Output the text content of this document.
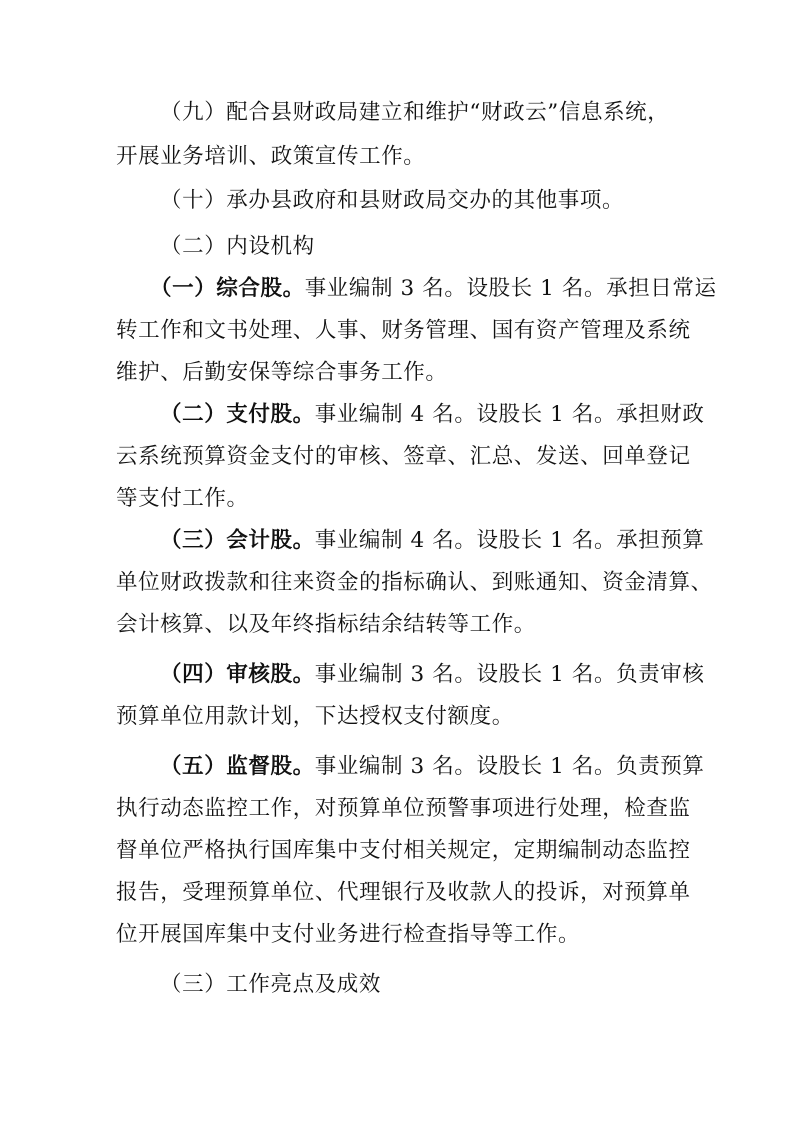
（九）配合县财政局建立和维护“财政云”信息系统，
开展业务培训、政策宣传工作。
（十）承办县政府和县财政局交办的其他事项。
（二）内设机构
（一）综合股。事业编制 3 名。设股长 1 名。承担日常运
转工作和文书处理、人事、财务管理、国有资产管理及系统
维护、后勤安保等综合事务工作。
（二）支付股。事业编制 4 名。设股长 1 名。承担财政
云系统预算资金支付的审核、签章、汇总、发送、回单登记
等支付工作。
（三）会计股。事业编制 4 名。设股长 1 名。承担预算
单位财政拨款和往来资金的指标确认、到账通知、资金清算、
会计核算、以及年终指标结余结转等工作。
（四）审核股。事业编制 3 名。设股长 1 名。负责审核
预算单位用款计划，下达授权支付额度。
（五）监督股。事业编制 3 名。设股长 1 名。负责预算
执行动态监控工作，对预算单位预警事项进行处理，检查监
督单位严格执行国库集中支付相关规定，定期编制动态监控
报告，受理预算单位、代理银行及收款人的投诉，对预算单
位开展国库集中支付业务进行检查指导等工作。
（三）工作亮点及成效
